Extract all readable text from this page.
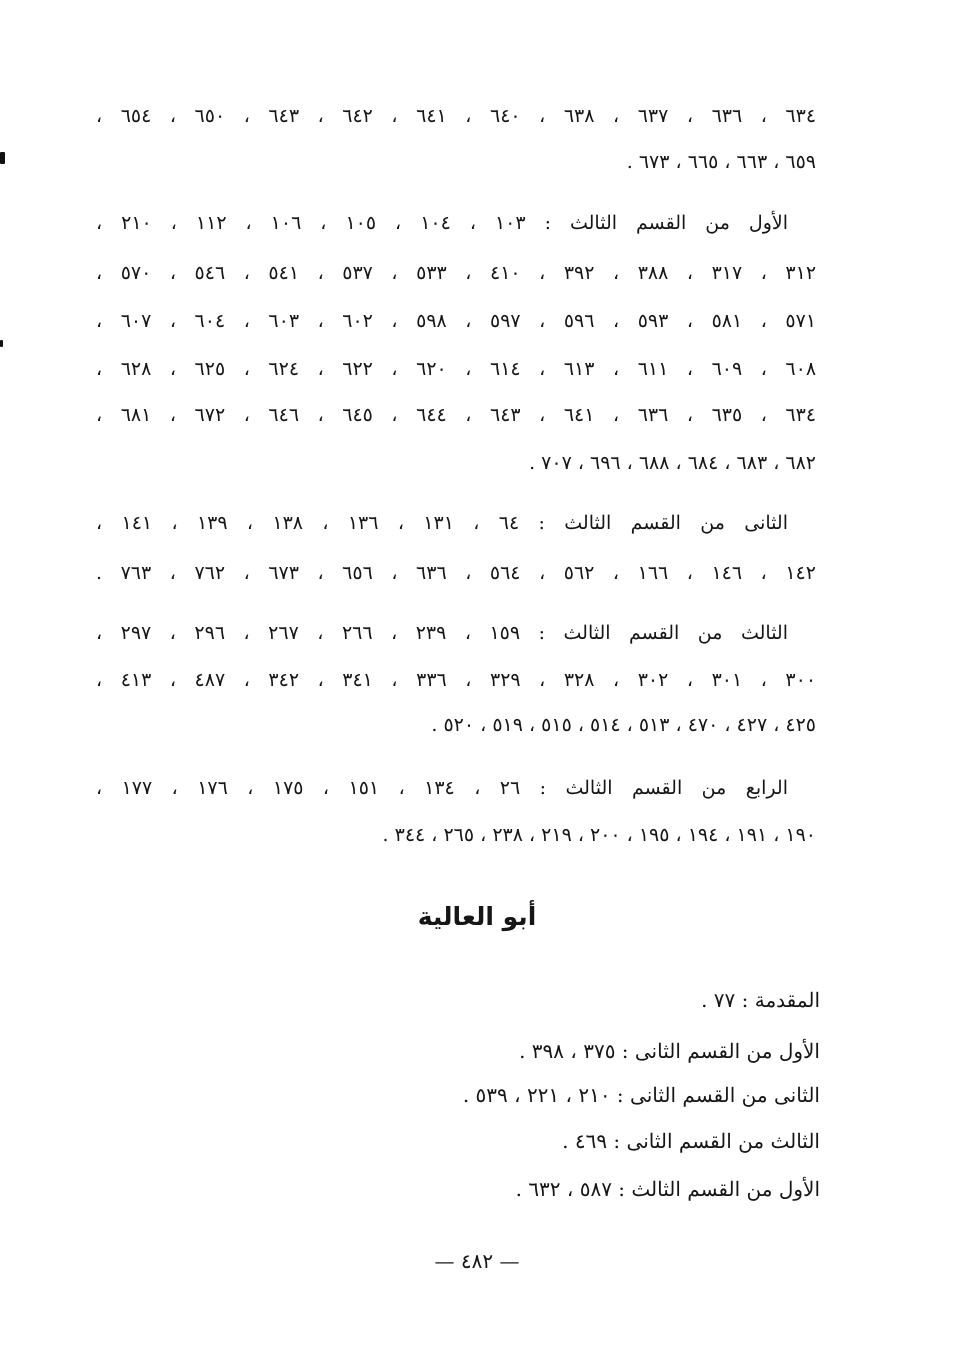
٦٣٤ ، ٦٣٦ ، ٦٣٧ ، ٦٣٨ ، ٦٤٠ ، ٦٤١ ، ٦٤٢ ، ٦٤٣ ، ٦٥٠ ، ٦٥٤ ،
٦٥٩ ، ٦٦٣ ، ٦٦٥ ، ٦٧٣ .
الأول من القسم الثالث : ١٠٣ ، ١٠٤ ، ١٠٥ ، ١٠٦ ، ١١٢ ، ٢١٠ ،
٣١٢ ، ٣١٧ ، ٣٨٨ ، ٣٩٢ ، ٤١٠ ، ٥٣٣ ، ٥٣٧ ، ٥٤١ ، ٥٤٦ ، ٥٧٠ ،
٥٧١ ، ٥٨١ ، ٥٩٣ ، ٥٩٦ ، ٥٩٧ ، ٥٩٨ ، ٦٠٢ ، ٦٠٣ ، ٦٠٤ ، ٦٠٧ ،
٦٠٨ ، ٦٠٩ ، ٦١١ ، ٦١٣ ، ٦١٤ ، ٦٢٠ ، ٦٢٢ ، ٦٢٤ ، ٦٢٥ ، ٦٢٨ ،
٦٣٤ ، ٦٣٥ ، ٦٣٦ ، ٦٤١ ، ٦٤٣ ، ٦٤٤ ، ٦٤٥ ، ٦٤٦ ، ٦٧٢ ، ٦٨١ ،
٦٨٢ ، ٦٨٣ ، ٦٨٤ ، ٦٨٨ ، ٦٩٦ ، ٧٠٧ .
الثانى من القسم الثالث : ٦٤ ، ١٣١ ، ١٣٦ ، ١٣٨ ، ١٣٩ ، ١٤١ ،
١٤٢ ، ١٤٦ ، ١٦٦ ، ٥٦٢ ، ٥٦٤ ، ٦٣٦ ، ٦٥٦ ، ٦٧٣ ، ٧٦٢ ، ٧٦٣ .
الثالث من القسم الثالث : ١٥٩ ، ٢٣٩ ، ٢٦٦ ، ٢٦٧ ، ٢٩٦ ، ٢٩٧ ،
٣٠٠ ، ٣٠١ ، ٣٠٢ ، ٣٢٨ ، ٣٢٩ ، ٣٣٦ ، ٣٤١ ، ٣٤٢ ، ٤٨٧ ، ٤١٣ ،
٤٢٥ ، ٤٢٧ ، ٤٧٠ ، ٥١٣ ، ٥١٤ ، ٥١٥ ، ٥١٩ ، ٥٢٠ .
الرابع من القسم الثالث : ٢٦ ، ١٣٤ ، ١٥١ ، ١٧٥ ، ١٧٦ ، ١٧٧ ،
١٩٠ ، ١٩١ ، ١٩٤ ، ١٩٥ ، ٢٠٠ ، ٢١٩ ، ٢٣٨ ، ٢٦٥ ، ٣٤٤ .
أبو العالية
المقدمة : ٧٧ .
الأول من القسم الثانى : ٣٧٥ ، ٣٩٨ .
الثانى من القسم الثانى : ٢١٠ ، ٢٢١ ، ٥٣٩ .
الثالث من القسم الثانى : ٤٦٩ .
الأول من القسم الثالث : ٥٨٧ ، ٦٣٢ .
— ٤٨٢ —
